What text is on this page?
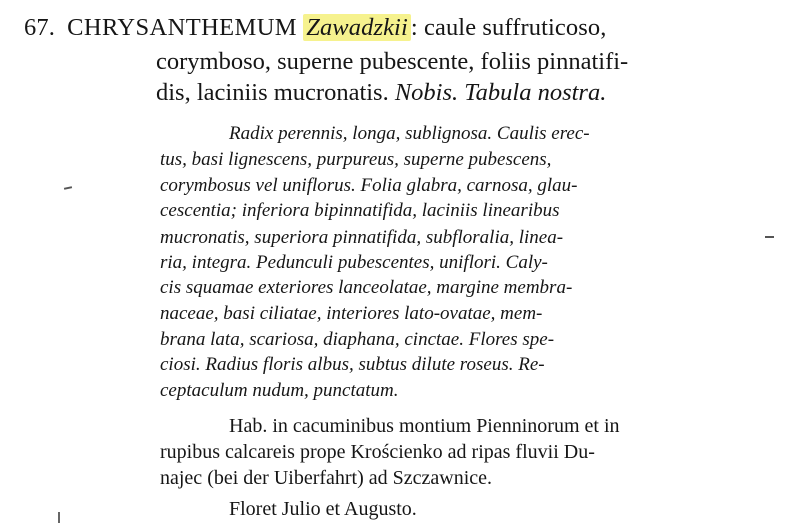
67. CHRYSANTHEMUM Zawadzkii : caule suffruticoso,
corymboso, superne pubescente, foliis pinnatifi-
dis, laciniis mucronatis. Nobis. Tabula nostra.
Radix perennis, longa, sublignosa. Caulis erec-
tus, basi lignescens, purpureus, superne pubescens,
corymbosus vel uniflorus. Folia glabra, carnosa, glau-
cescentia; inferiora bipinnatifida, laciniis linearibus
mucronatis, superiora pinnatifida, subfloralia, linea-
ria, integra. Pedunculi pubescentes, uniflori. Caly-
cis squamae exteriores lanceolatae, margine membra-
naceae, basi ciliatae, interiores lato-ovatae, mem-
brana lata, scariosa, diaphana, cinctae. Flores spe-
ciosi. Radius floris albus, subtus dilute roseus. Re-
ceptaculum nudum, punctatum.
Hab. in cacuminibus montium Pienninorum et in
rupibus calcareis prope Krościenko ad ripas fluvii Du-
najec (bei der Uiberfahrt) ad Szczawnice.
Floret Julio et Augusto.
